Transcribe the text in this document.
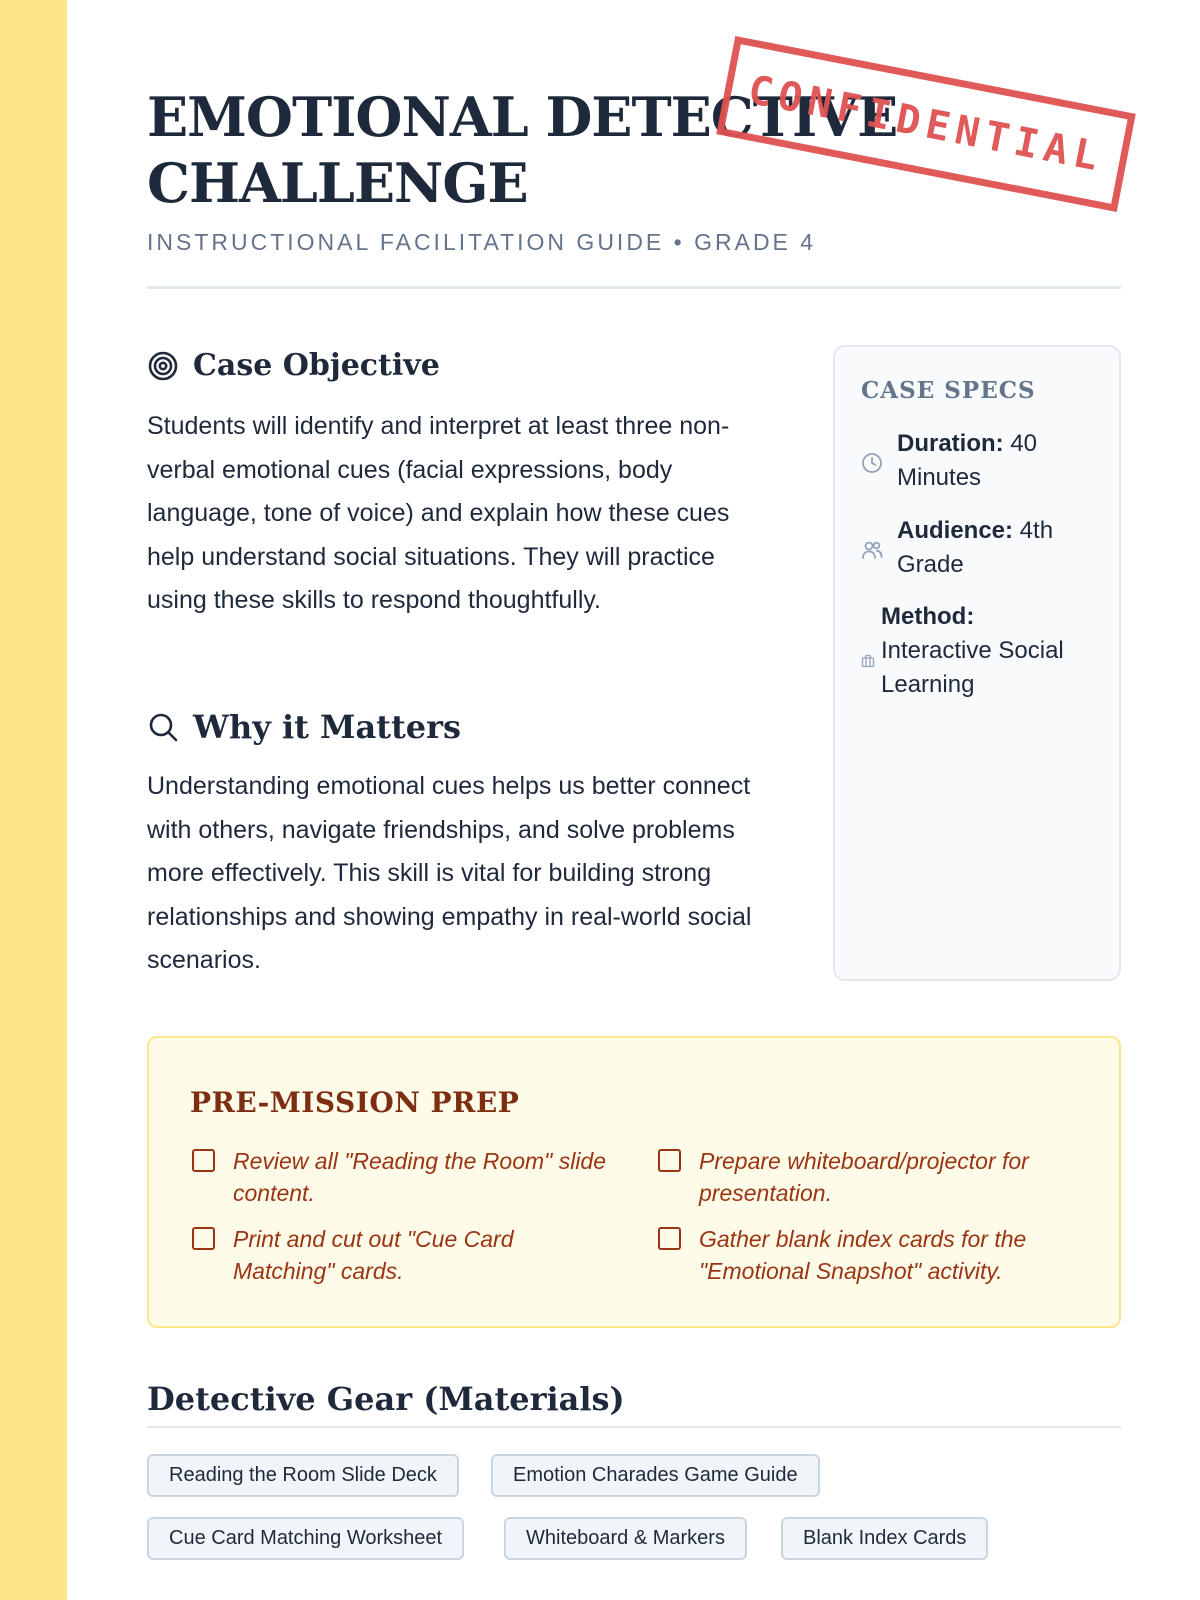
EMOTIONAL DETECTIVE CHALLENGE
INSTRUCTIONAL FACILITATION GUIDE • GRADE 4
Case Objective

Students will identify and interpret at least three non-verbal emotional cues (facial expressions, body language, tone of voice) and explain how these cues help understand social situations. They will practice using these skills to respond thoughtfully.

Why it Matters

Understanding emotional cues helps us better connect with others, navigate friendships, and solve problems more effectively. This skill is vital for building strong relationships and showing empathy in real-world social scenarios.

CASE SPECS
Duration: 40 Minutes
Audience: 4th Grade
Method:
Interactive Social Learning
PRE-MISSION PREP
Review all "Reading the Room" slide content.
Prepare whiteboard/projector for presentation.
Print and cut out "Cue Card Matching" cards.
Gather blank index cards for the "Emotional Snapshot" activity.
Detective Gear (Materials)
Reading the Room Slide Deck	Emotion Charades Game Guide
Cue Card Matching Worksheet	Whiteboard & Markers	Blank Index Cards
CONFIDENTIAL
